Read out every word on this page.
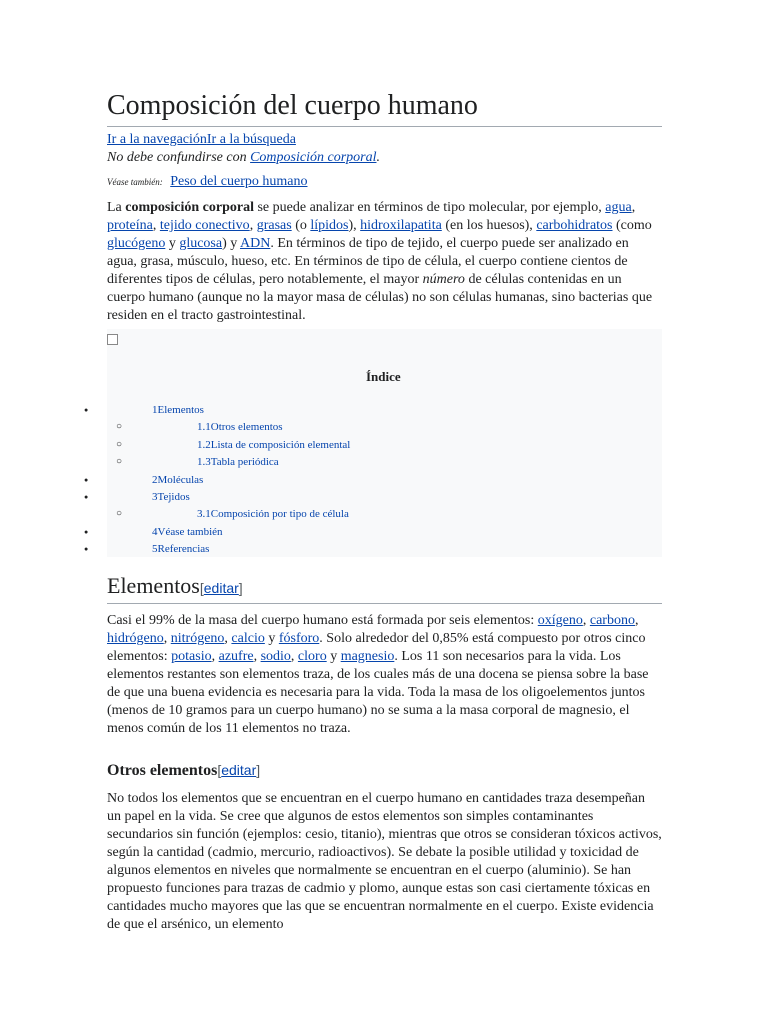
Composición del cuerpo humano
Ir a la navegaciónIr a la búsqueda
No debe confundirse con Composición corporal.
Véase también: Peso del cuerpo humano

La composición corporal se puede analizar en términos de tipo molecular, por ejemplo, agua, proteína, tejido conectivo, grasas (o lípidos), hidroxilapatita (en los huesos), carbohidratos (como glucógeno y glucosa) y ADN. En términos de tipo de tejido, el cuerpo puede ser analizado en agua, grasa, músculo, hueso, etc. En términos de tipo de célula, el cuerpo contiene cientos de diferentes tipos de células, pero notablemente, el mayor número de células contenidas en un cuerpo humano (aunque no la mayor masa de células) no son células humanas, sino bacterias que residen en el tracto gastrointestinal.

Índice
●	1Elementos
○	1.1Otros elementos
○	1.2Lista de composición elemental
○	1.3Tabla periódica
●	2Moléculas
●	3Tejidos
○	3.1Composición por tipo de célula
●	4Véase también
●	5Referencias
Elementos[editar]

Casi el 99% de la masa del cuerpo humano está formada por seis elementos: oxígeno, carbono, hidrógeno, nitrógeno, calcio y fósforo. Solo alrededor del 0,85% está compuesto por otros cinco elementos: potasio, azufre, sodio, cloro y magnesio. Los 11 son necesarios para la vida. Los elementos restantes son elementos traza, de los cuales más de una docena se piensa sobre la base de que una buena evidencia es necesaria para la vida. Toda la masa de los oligoelementos juntos (menos de 10 gramos para un cuerpo humano) no se suma a la masa corporal de magnesio, el menos común de los 11 elementos no traza.

Otros elementos[editar]

No todos los elementos que se encuentran en el cuerpo humano en cantidades traza desempeñan un papel en la vida. Se cree que algunos de estos elementos son simples contaminantes secundarios sin función (ejemplos: cesio, titanio), mientras que otros se consideran tóxicos activos, según la cantidad (cadmio, mercurio, radioactivos). Se debate la posible utilidad y toxicidad de algunos elementos en niveles que normalmente se encuentran en el cuerpo (aluminio). Se han propuesto funciones para trazas de cadmio y plomo, aunque estas son casi ciertamente tóxicas en cantidades mucho mayores que las que se encuentran normalmente en el cuerpo. Existe evidencia de que el arsénico, un elemento
